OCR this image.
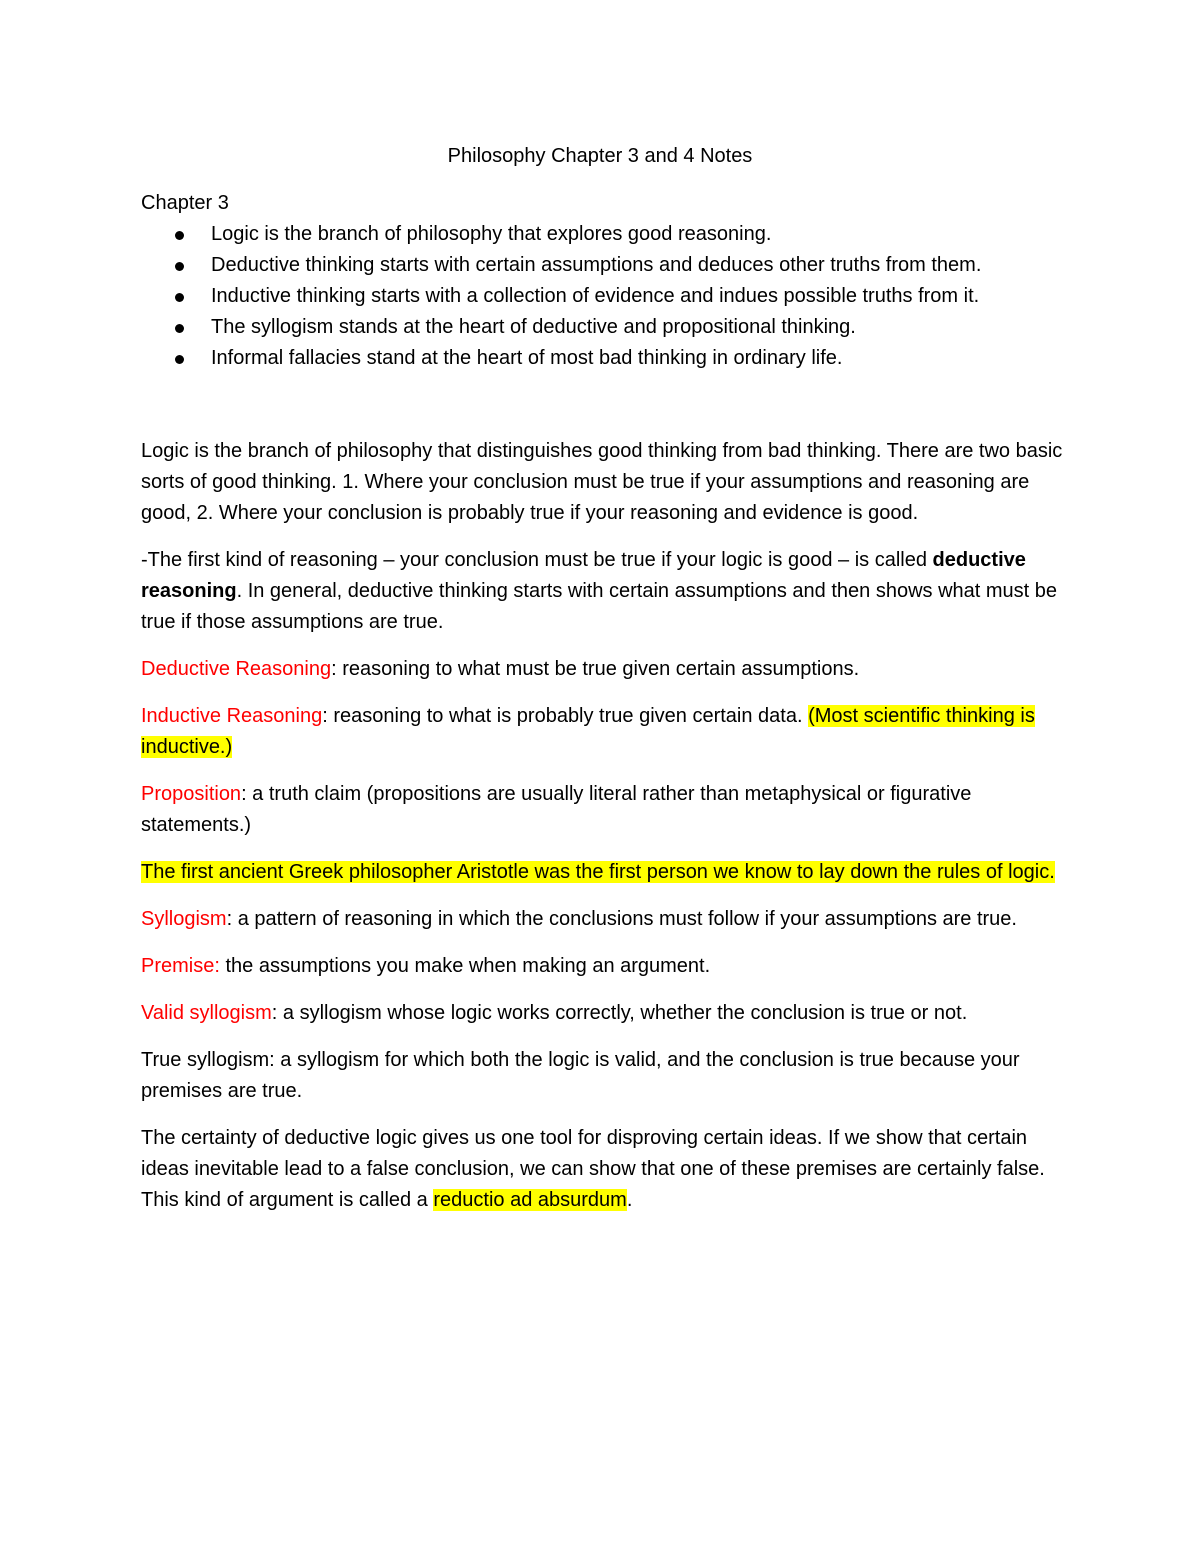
Philosophy Chapter 3 and 4 Notes

Chapter 3

Logic is the branch of philosophy that explores good reasoning.
Deductive thinking starts with certain assumptions and deduces other truths from them.
Inductive thinking starts with a collection of evidence and indues possible truths from it.
The syllogism stands at the heart of deductive and propositional thinking.
Informal fallacies stand at the heart of most bad thinking in ordinary life.

Logic is the branch of philosophy that distinguishes good thinking from bad thinking. There are two basic sorts of good thinking. 1. Where your conclusion must be true if your assumptions and reasoning are good, 2. Where your conclusion is probably true if your reasoning and evidence is good.

-The first kind of reasoning – your conclusion must be true if your logic is good – is called deductive reasoning. In general, deductive thinking starts with certain assumptions and then shows what must be true if those assumptions are true.

Deductive Reasoning: reasoning to what must be true given certain assumptions.

Inductive Reasoning: reasoning to what is probably true given certain data. (Most scientific thinking is inductive.)

Proposition: a truth claim (propositions are usually literal rather than metaphysical or figurative statements.)

The first ancient Greek philosopher Aristotle was the first person we know to lay down the rules of logic.

Syllogism: a pattern of reasoning in which the conclusions must follow if your assumptions are true.

Premise: the assumptions you make when making an argument.

Valid syllogism: a syllogism whose logic works correctly, whether the conclusion is true or not.

True syllogism: a syllogism for which both the logic is valid, and the conclusion is true because your premises are true.

The certainty of deductive logic gives us one tool for disproving certain ideas. If we show that certain ideas inevitable lead to a false conclusion, we can show that one of these premises are certainly false. This kind of argument is called a reductio ad absurdum.
